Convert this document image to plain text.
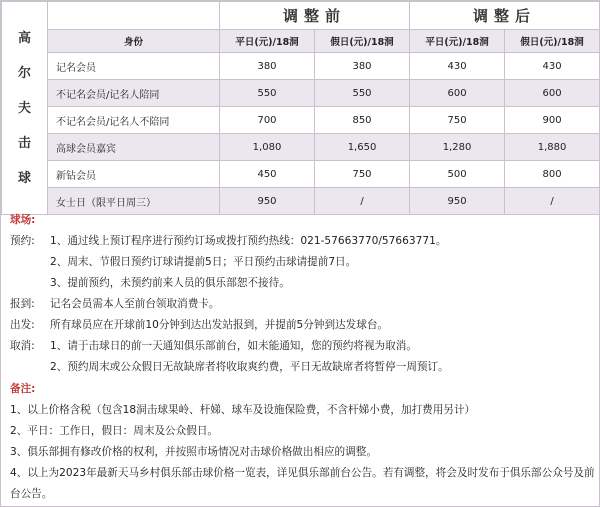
高
尔
夫
击
球		调整前		调整后	
	身份	平日(元)/18洞	假日(元)/18洞	平日(元)/18洞	假日(元)/18洞
	记名会员	380	380	430	430
	不记名会员/记名人陪同	550	550	600	600
	不记名会员/记名人不陪同	700	850	750	900
	高球会员嘉宾	1,080	1,650	1,280	1,880
	新钻会员	450	750	500	800
	女士日（限平日周三）	950	/	950	/
球场:
预约: 1、通过线上预订程序进行预约订场或拨打预约热线：021-57663770/57663771。
2、周末、节假日预约订球请提前5日；平日预约击球请提前7日。
3、提前预约，未预约前来人员的俱乐部恕不接待。
报到: 记名会员需本人至前台领取消费卡。
出发: 所有球员应在开球前10分钟到达出发站报到，并提前5分钟到达发球台。
取消: 1、请于击球日的前一天通知俱乐部前台，如未能通知，您的预约将视为取消。
2、预约周末或公众假日无故缺席者将收取爽约费，平日无故缺席者将暂停一周预订。
备注:
1、以上价格含税（包含18洞击球果岭、杆娣、球车及设施保险费，不含杆娣小费，加打费用另计）
2、平日：工作日，假日：周末及公众假日。
3、俱乐部拥有修改价格的权利，并按照市场情况对击球价格做出相应的调整。
4、以上为2023年最新天马乡村俱乐部击球价格一览表，详见俱乐部前台公告。若有调整，将会及时发布于俱乐部公众号及前台公告。
